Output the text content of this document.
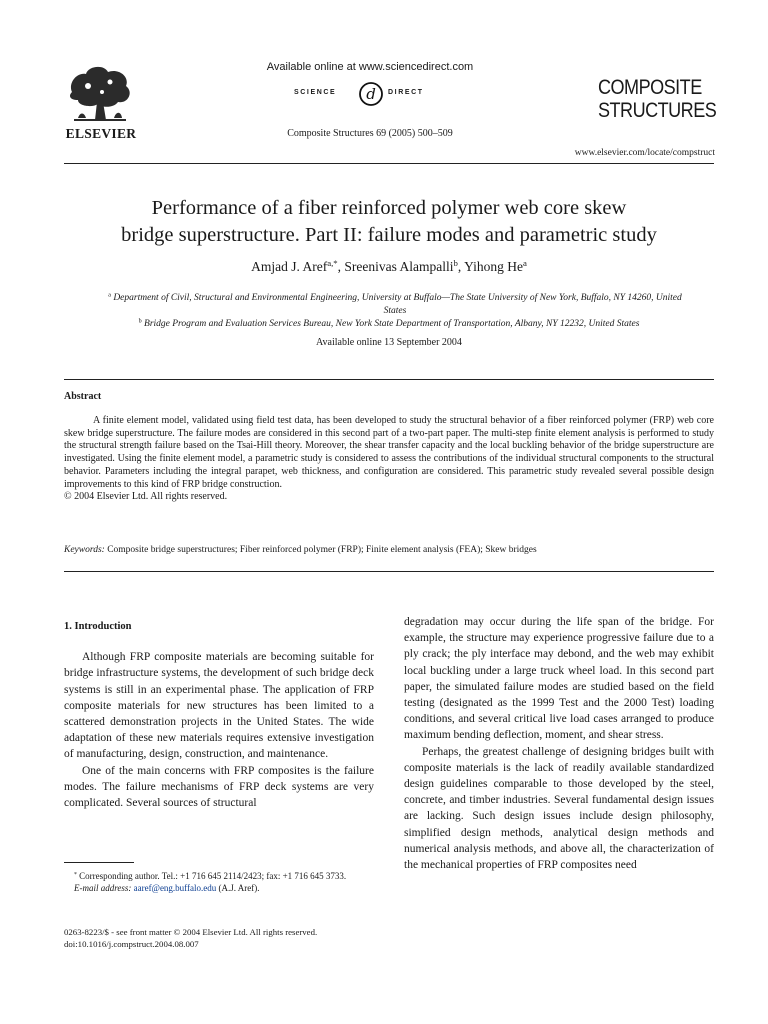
ELSEVIER
Available online at www.sciencedirect.com
SCIENCE d DIRECT
Composite Structures 69 (2005) 500–509
COMPOSITE
STRUCTURES
www.elsevier.com/locate/compstruct
Performance of a fiber reinforced polymer web core skew
bridge superstructure. Part II: failure modes and parametric study
Amjad J. Aref$^{a,*}$, Sreenivas Alampalli$^b$, Yihong He$^a$
$^a$ Department of Civil, Structural and Environmental Engineering, University at Buffalo—The State University of New York, Buffalo, NY 14260, United States
$^b$ Bridge Program and Evaluation Services Bureau, New York State Department of Transportation, Albany, NY 12232, United States
Available online 13 September 2004
Abstract
A finite element model, validated using field test data, has been developed to study the structural behavior of a fiber reinforced polymer (FRP) web core skew bridge superstructure. The failure modes are considered in this second part of a two-part paper. The multi-step finite element analysis is performed to study the structural strength failure based on the Tsai-Hill theory. Moreover, the shear transfer capacity and the local buckling behavior of the bridge superstructure are investigated. Using the finite element model, a parametric study is considered to assess the contributions of the individual structural components to the structural behavior. Parameters including the integral parapet, web thickness, and configuration are considered. This parametric study revealed several possible design improvements to this kind of FRP bridge construction.
© 2004 Elsevier Ltd. All rights reserved.
Keywords: Composite bridge superstructures; Fiber reinforced polymer (FRP); Finite element analysis (FEA); Skew bridges
1. Introduction

Although FRP composite materials are becoming suitable for bridge infrastructure systems, the development of such bridge deck systems is still in an experimental phase. The application of FRP composite materials for new structures has been limited to a scattered demonstration projects in the United States. The wide adaptation of these new materials requires extensive investigation of manufacturing, design, construction, and maintenance.

One of the main concerns with FRP composites is the failure modes. The failure mechanisms of FRP deck systems are very complicated. Several sources of structural

* Corresponding author. Tel.: +1 716 645 2114/2423; fax: +1 716 645 3733.
E-mail address: aaref@eng.buffalo.edu (A.J. Aref).
0263-8223/$ - see front matter © 2004 Elsevier Ltd. All rights reserved.
doi:10.1016/j.compstruct.2004.08.007

degradation may occur during the life span of the bridge. For example, the structure may experience progressive failure due to a ply crack; the ply interface may debond, and the web may exhibit local buckling under a large truck wheel load. In this second part paper, the simulated failure modes are studied based on the field testing (designated as the 1999 Test and the 2000 Test) loading conditions, and several critical live load cases arranged to produce maximum bending deflection, moment, and shear stress.

Perhaps, the greatest challenge of designing bridges built with composite materials is the lack of readily available standardized design guidelines comparable to those developed by the steel, concrete, and timber industries. Several fundamental design issues are lacking. Such design issues include design philosophy, simplified design methods, analytical design methods and numerical analysis methods, and above all, the characterization of the mechanical properties of FRP composites need
